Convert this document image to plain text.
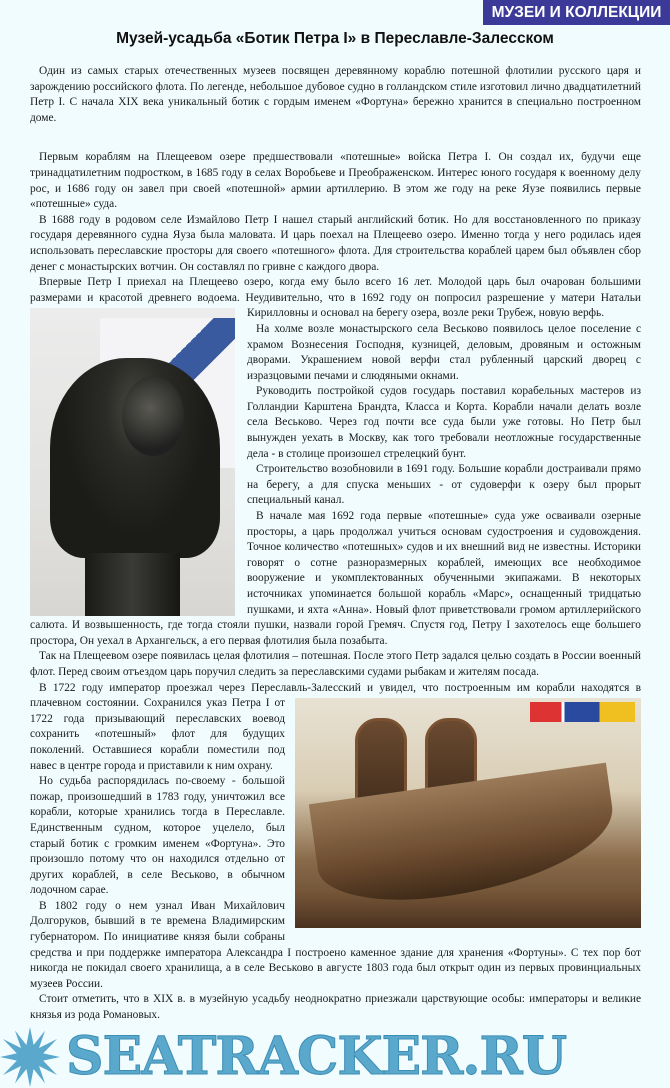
МУЗЕИ И КОЛЛЕКЦИИ
Музей-усадьба «Ботик Петра I» в Переславле-Залесском

Один из самых старых отечественных музеев посвящен деревянному кораблю потешной флотилии русского царя и зарождению российского флота. По легенде, небольшое дубовое судно в голландском стиле изготовил лично двадцатилетний Петр I. С начала XIX века уникальный ботик с гордым именем «Фортуна» бережно хранится в специально построенном доме.

Первым кораблям на Плещеевом озере предшествовали «потешные» войска Петра I. Он создал их, будучи еще тринадцатилетним подростком, в 1685 году в селах Воробьеве и Преображенском. Интерес юного государя к военному делу рос, и 1686 году он завел при своей «потешной» армии артиллерию. В этом же году на реке Яузе появились первые «потешные» суда.

В 1688 году в родовом селе Измайлово Петр I нашел старый английский ботик. Но для восстановленного по приказу государя деревянного судна Яуза была маловата. И царь поехал на Плещеево озеро. Именно тогда у него родилась идея использовать переславские просторы для своего «потешного» флота. Для строительства кораблей царем был объявлен сбор денег с монастырских вотчин. Он составлял по гривне с каждого двора.

Впервые Петр I приехал на Плещеево озеро, когда ему было всего 16 лет. Молодой царь был очарован большими размерами и красотой древнего водоема. Неудивительно, что в 1692 году он попросил разрешение у матери Натальи
Кирилловны и основал на берегу озера, возле реки Трубеж, новую верфь.

На холме возле монастырского села Веськово появилось целое поселение с храмом Вознесения Господня, кузницей, деловым, дровяным и остожным дворами. Украшением новой верфи стал рубленный царский дворец с изразцовыми печами и слюдяными окнами.

Руководить постройкой судов государь поставил корабельных мастеров из Голландии Карштена Брандта, Класса и Корта. Корабли начали делать возле села Веськово. Через год почти все суда были уже готовы. Но Петр был вынужден уехать в Москву, как того требовали неотложные государственные дела - в столице произошел стрелецкий бунт.

Строительство возобновили в 1691 году. Большие корабли достраивали прямо на берегу, а для спуска меньших - от судоверфи к озеру был прорыт специальный канал.

В начале мая 1692 года первые «потешные» суда уже осваивали озерные просторы, а царь продолжал учиться основам судостроения и судовождения. Точное количество «потешных» судов и их внешний вид не известны. Историки говорят о сотне разноразмерных кораблей, имеющих все необходимое вооружение и укомплектованных обученными экипажами. В некоторых источниках упоминается большой корабль «Марс», оснащенный тридцатью пушками, и яхта «Анна». Новый флот приветствовали громом артиллерийского салюта. И возвышенность, где тогда стояли пушки, назвали горой Гремяч. Спустя год, Петру I захотелось еще большего простора, Он уехал в Архангельск, а его первая флотилия была позабыта.

Так на Плещеевом озере появилась целая флотилия – потешная. После этого Петр задался целью создать в России военный флот. Перед своим отъездом царь поручил следить за переславскими судами рыбакам и жителям посада.

В 1722 году император проезжал через Переславль-Залесский и увидел, что построенным им корабли находятся в
плачевном состоянии. Сохранился указ Петра I от 1722 года призывающий переславских воевод сохранить «потешный» флот для будущих поколений. Оставшиеся корабли поместили под навес в центре города и приставили к ним охрану.

Но судьба распорядилась по-своему - большой пожар, произошедший в 1783 году, уничтожил все корабли, которые хранились тогда в Переславле. Единственным судном, которое уцелело, был старый ботик с громким именем «Фортуна». Это произошло потому что он находился отдельно от других кораблей, в селе Веськово, в обычном лодочном сарае.

В 1802 году о нем узнал Иван Михайлович Долгоруков, бывший в те времена Владимирским губернатором. По инициативе князя были собраны средства и при поддержке императора Александра I построено каменное здание для хранения «Фортуны». С тех пор бот никогда не покидал своего хранилища, а в селе Веськово в августе 1803 года был открыт один из первых провинциальных музеев России.

Стоит отметить, что в XIX в. в музейную усадьбу неоднократно приезжали царствующие особы: императоры и великие князья из рода Романовых.

SEATRACKER.RU
